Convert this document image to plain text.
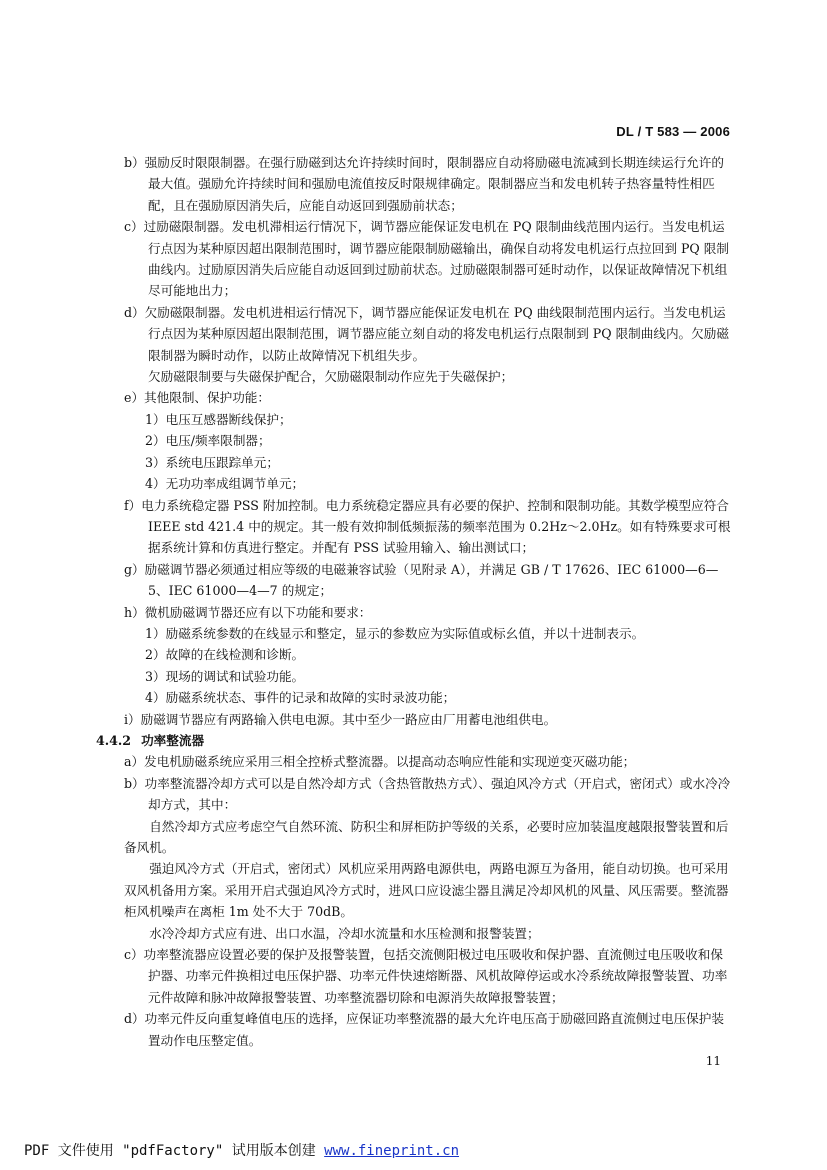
DL / T 583 — 2006
b）强励反时限限制器。在强行励磁到达允许持续时间时，限制器应自动将励磁电流减到长期连续运行允许的最大值。强励允许持续时间和强励电流值按反时限规律确定。限制器应当和发电机转子热容量特性相匹配，且在强励原因消失后，应能自动返回到强励前状态；
c）过励磁限制器。发电机滞相运行情况下，调节器应能保证发电机在 PQ 限制曲线范围内运行。当发电机运行点因为某种原因超出限制范围时，调节器应能限制励磁输出，确保自动将发电机运行点拉回到 PQ 限制曲线内。过励原因消失后应能自动返回到过励前状态。过励磁限制器可延时动作，以保证故障情况下机组尽可能地出力；
d）欠励磁限制器。发电机进相运行情况下，调节器应能保证发电机在 PQ 曲线限制范围内运行。当发电机运行点因为某种原因超出限制范围，调节器应能立刻自动的将发电机运行点限制到 PQ 限制曲线内。欠励磁限制器为瞬时动作，以防止故障情况下机组失步。
欠励磁限制要与失磁保护配合，欠励磁限制动作应先于失磁保护；
e）其他限制、保护功能：
1）电压互感器断线保护；
2）电压/频率限制器；
3）系统电压跟踪单元；
4）无功功率成组调节单元；
f）电力系统稳定器 PSS 附加控制。电力系统稳定器应具有必要的保护、控制和限制功能。其数学模型应符合 IEEE std 421.4 中的规定。其一般有效抑制低频振荡的频率范围为 0.2Hz～2.0Hz。如有特殊要求可根据系统计算和仿真进行整定。并配有 PSS 试验用输入、输出测试口；
g）励磁调节器必须通过相应等级的电磁兼容试验（见附录 A），并满足 GB / T 17626、IEC 61000—6—5、IEC 61000—4—7 的规定；
h）微机励磁调节器还应有以下功能和要求：
1）励磁系统参数的在线显示和整定，显示的参数应为实际值或标幺值，并以十进制表示。
2）故障的在线检测和诊断。
3）现场的调试和试验功能。
4）励磁系统状态、事件的记录和故障的实时录波功能；
i）励磁调节器应有两路输入供电电源。其中至少一路应由厂用蓄电池组供电。
4.4.2 功率整流器
a）发电机励磁系统应采用三相全控桥式整流器。以提高动态响应性能和实现逆变灭磁功能；
b）功率整流器冷却方式可以是自然冷却方式（含热管散热方式）、强迫风冷方式（开启式，密闭式）或水冷冷却方式，其中：
自然冷却方式应考虑空气自然环流、防积尘和屏柜防护等级的关系，必要时应加装温度越限报警装置和后备风机。
强迫风冷方式（开启式，密闭式）风机应采用两路电源供电，两路电源互为备用，能自动切换。也可采用双风机备用方案。采用开启式强迫风冷方式时，进风口应设滤尘器且满足冷却风机的风量、风压需要。整流器柜风机噪声在离柜 1m 处不大于 70dB。
水冷冷却方式应有进、出口水温，冷却水流量和水压检测和报警装置；
c）功率整流器应设置必要的保护及报警装置，包括交流侧阳极过电压吸收和保护器、直流侧过电压吸收和保护器、功率元件换相过电压保护器、功率元件快速熔断器、风机故障停运或水冷系统故障报警装置、功率元件故障和脉冲故障报警装置、功率整流器切除和电源消失故障报警装置；
d）功率元件反向重复峰值电压的选择，应保证功率整流器的最大允许电压高于励磁回路直流侧过电压保护装置动作电压整定值。
11
PDF 文件使用 "pdfFactory" 试用版本创建 www.fineprint.cn
